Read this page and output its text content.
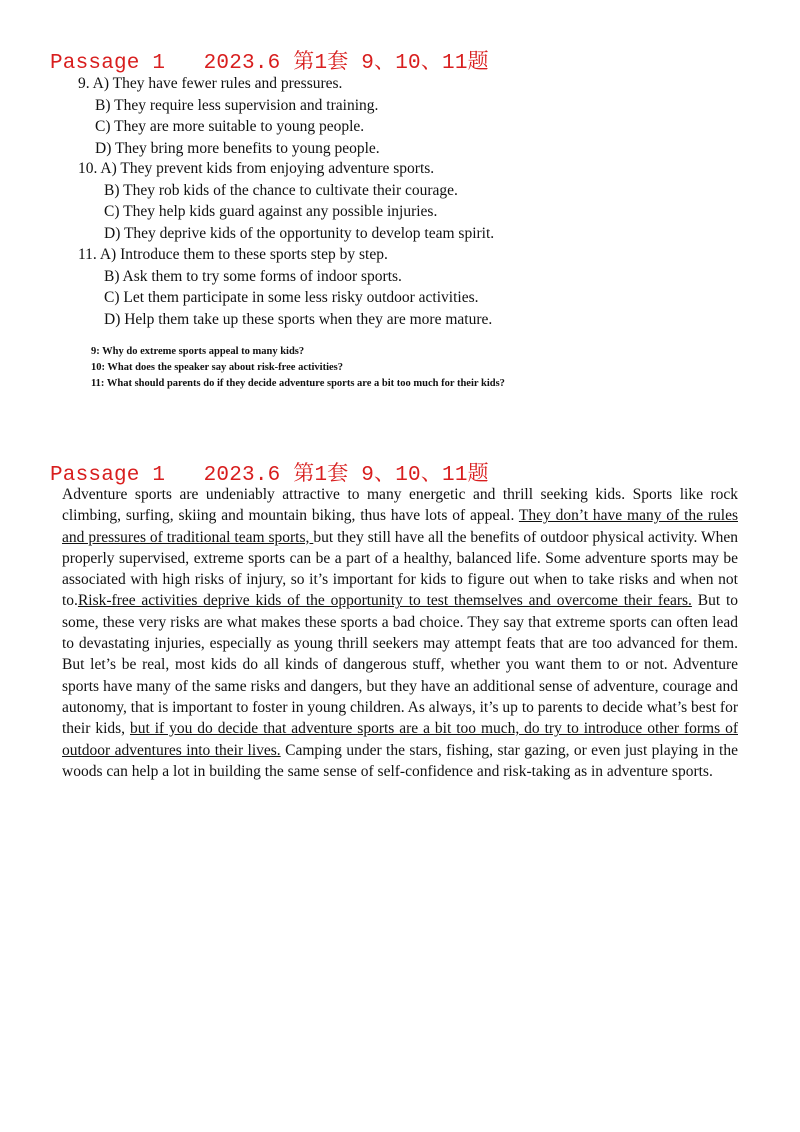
Passage 1   2023.6 第1套 9、10、11题
9. A) They have fewer rules and pressures.
B) They require less supervision and training.
C) They are more suitable to young people.
D) They bring more benefits to young people.
10. A) They prevent kids from enjoying adventure sports.
B) They rob kids of the chance to cultivate their courage.
C) They help kids guard against any possible injuries.
D) They deprive kids of the opportunity to develop team spirit.
11. A) Introduce them to these sports step by step.
B) Ask them to try some forms of indoor sports.
C) Let them participate in some less risky outdoor activities.
D) Help them take up these sports when they are more mature.
9: Why do extreme sports appeal to many kids?
10: What does the speaker say about risk-free activities?
11: What should parents do if they decide adventure sports are a bit too much for their kids?
Passage 1   2023.6 第1套 9、10、11题
Adventure sports are undeniably attractive to many energetic and thrill seeking kids. Sports like rock climbing, surfing, skiing and mountain biking, thus have lots of appeal. They don’t have many of the rules and pressures of traditional team sports, but they still have all the benefits of outdoor physical activity. When properly supervised, extreme sports can be a part of a healthy, balanced life. Some adventure sports may be associated with high risks of injury, so it’s important for kids to figure out when to take risks and when not to.Risk-free activities deprive kids of the opportunity to test themselves and overcome their fears. But to some, these very risks are what makes these sports a bad choice. They say that extreme sports can often lead to devastating injuries, especially as young thrill seekers may attempt feats that are too advanced for them. But let’s be real, most kids do all kinds of dangerous stuff, whether you want them to or not. Adventure sports have many of the same risks and dangers, but they have an additional sense of adventure, courage and autonomy, that is important to foster in young children. As always, it’s up to parents to decide what’s best for their kids, but if you do decide that adventure sports are a bit too much, do try to introduce other forms of outdoor adventures into their lives. Camping under the stars, fishing, star gazing, or even just playing in the woods can help a lot in building the same sense of self-confidence and risk-taking as in adventure sports.
